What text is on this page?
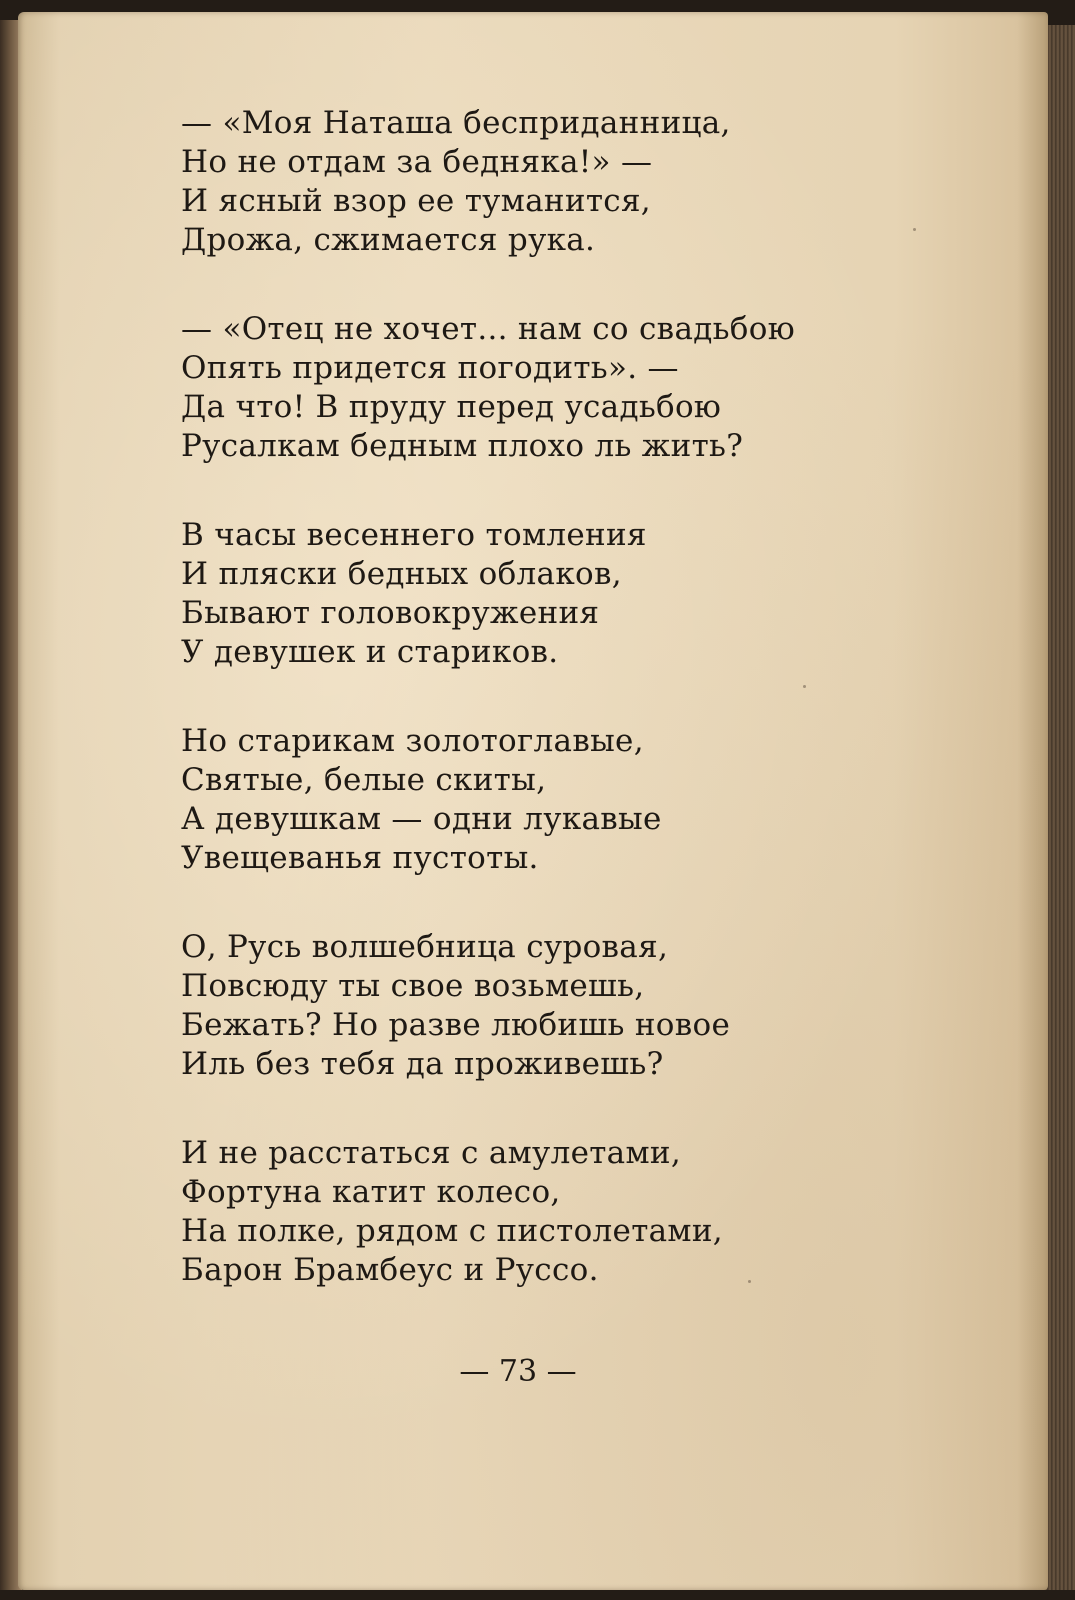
— «Моя Наташа бесприданница,
Но не отдам за бедняка!» —
И ясный взор ее туманится,
Дрожа, сжимается рука.
— «Отец не хочет... нам со свадьбою
Опять придется погодить». —
Да что! В пруду перед усадьбою
Русалкам бедным плохо ль жить?
В часы весеннего томления
И пляски бедных облаков,
Бывают головокружения
У девушек и стариков.
Но старикам золотоглавые,
Святые, белые скиты,
А девушкам — одни лукавые
Увещеванья пустоты.
О, Русь волшебница суровая,
Повсюду ты свое возьмешь,
Бежать? Но разве любишь новое
Иль без тебя да проживешь?
И не расстаться с амулетами,
Фортуна катит колесо,
На полке, рядом с пистолетами,
Барон Брамбеус и Руссо.
— 73 —
